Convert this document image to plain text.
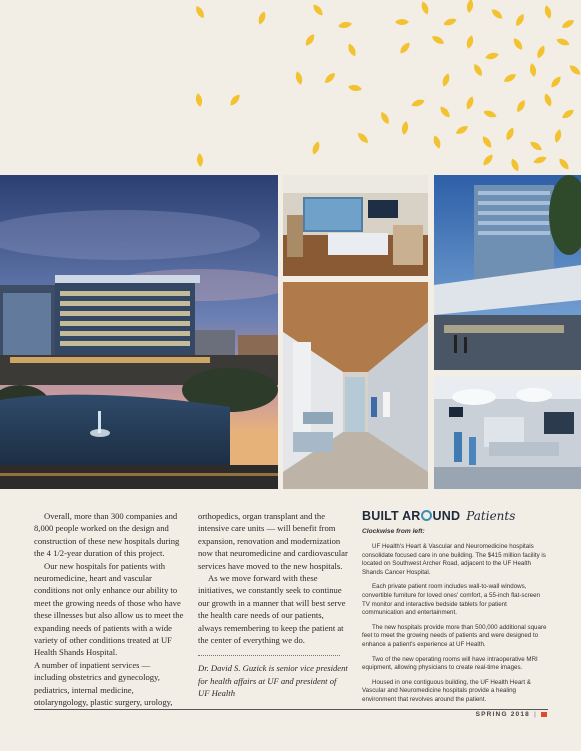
Overall, more than 300 companies and 8,000 people worked on the design and construction of these new hospitals during the 4 1/2-year duration of this project.

Our new hospitals for patients with neuromedicine, heart and vascular conditions not only enhance our ability to meet the growing needs of those who have these illnesses but also allow us to meet the expanding needs of patients with a wide variety of other conditions treated at UF Health Shands Hospital.

A number of inpatient services — including obstetrics and gynecology, pediatrics, internal medicine, otolaryngology, plastic surgery, urology,

orthopedics, organ transplant and the intensive care units — will benefit from expansion, renovation and modernization now that neuromedicine and cardiovascular services have moved to the new hospitals.

As we move forward with these initiatives, we constantly seek to continue our growth in a manner that will best serve the health care needs of our patients, always remembering to keep the patient at the center of everything we do.

Dr. David S. Guzick is senior vice president for health affairs at UF and president of UF Health
BUILT AR UND Patients
Clockwise from left:

UF Health's Heart & Vascular and Neuromedicine hospitals consolidate focused care in one building. The $415 million facility is located on Southwest Archer Road, adjacent to the UF Health Shands Cancer Hospital.

Each private patient room includes wall-to-wall windows, convertible furniture for loved ones' comfort, a 55-inch flat-screen TV monitor and interactive bedside tablets for patient communication and entertainment.

The new hospitals provide more than 500,000 additional square feet to meet the growing needs of patients and were designed to enhance a patient's experience at UF Health.

Two of the new operating rooms will have intraoperative MRI equipment, allowing physicians to create real-time images.

Housed in one contiguous building, the UF Health Heart & Vascular and Neuromedicine hospitals provide a healing environment that revolves around the patient.

SPRING 2018 |
